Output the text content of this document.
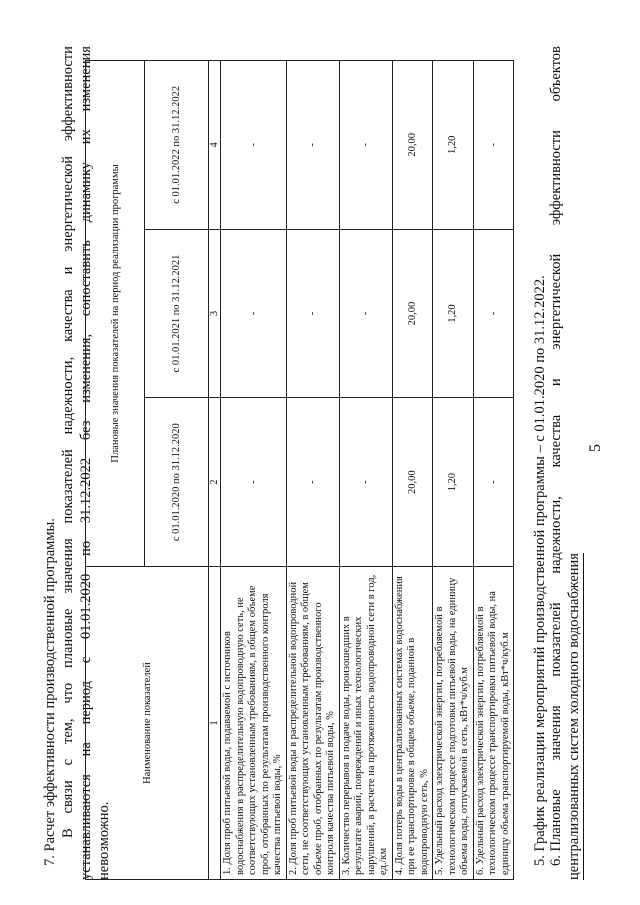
5
7. Расчет эффективности производственной программы. В
связи
с
тем,
что
плановые
значения
показателей
надежности,
качества
и
энергетической
эффективности
устанавливаются
на
период
с
01.01.2020
по
31.12.2022
без
изменения,
сопоставить
динамику
их
изменения
невозможно.
Наименование показателей	Плановые значения показателей на период реализации программы		
	с 01.01.2020 по 31.12.2020	с 01.01.2021 по 31.12.2021	с 01.01.2022 по 31.12.2022
1	2	3	4
1. Доля проб питьевой воды, подаваемой с источников водоснабжения в распределительную водопроводную сеть, не соответствующих установленным требованиям, в общем объеме проб, отобранных по результатам производственного контроля качества питьевой воды, %	-	-	-
2. Доля проб питьевой воды в распределительной водопроводной сети, не соответствующих установленным требованиям, в общем объеме проб, отобранных по результатам производственного контроля качества питьевой воды, %	-	-	-
3. Количество перерывов в подаче воды, произошедших в результате аварий, повреждений и иных технологических нарушений, в расчете на протяженность водопроводной сети в год, ед./км	-	-	-
4. Доля потерь воды в централизованных системах водоснабжения при ее транспортировке в общем объеме, поданной в водопроводную сеть, %	20,00	20,00	20,00
5. Удельный расход электрической энергии, потребляемой в технологическом процессе подготовки питьевой воды, на единицу объема воды, отпускаемой в сеть, кВт*ч/куб.м	1,20	1,20	1,20
6. Удельный расход электрической энергии, потребляемой в технологическом процессе транспортировки питьевой воды, на единицу объема транспортируемой воды, кВт*ч/куб.м	-	-	-
5. График реализации мероприятий производственной программы – с 01.01.2020 по 31.12.2022. 6. Плановые
значения
показателей
надежности,
качества
и
энергетической
эффективности
объектов
централизованных систем холодного водоснабжения
